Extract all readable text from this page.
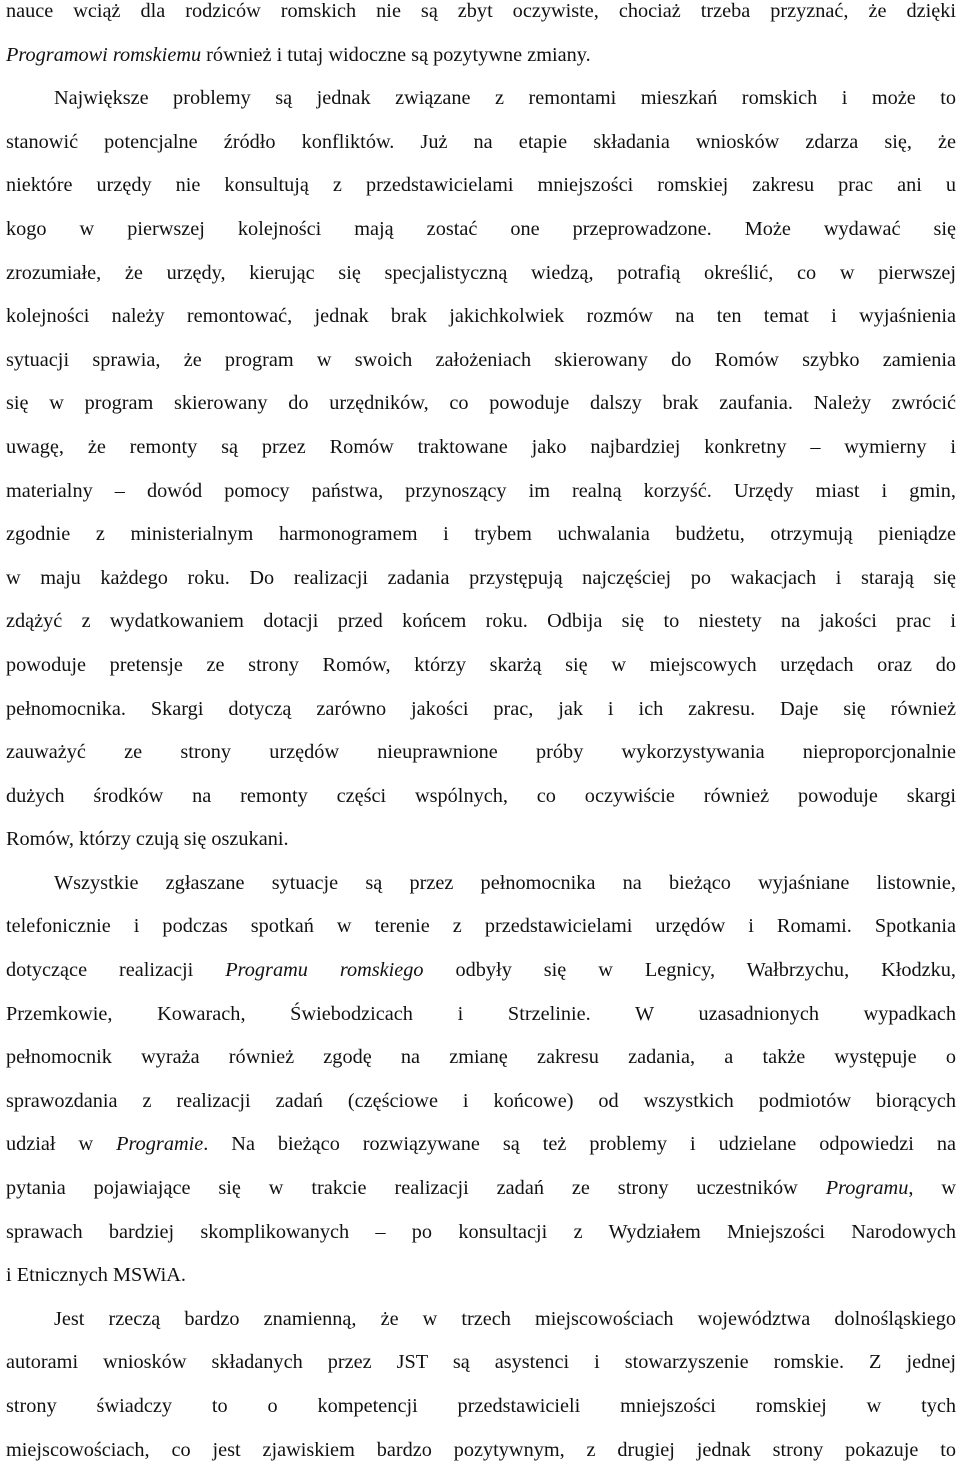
nauce wciąż dla rodziców romskich nie są zbyt oczywiste, chociaż trzeba przyznać, że dzięki
Programowi romskiemu również i tutaj widoczne są pozytywne zmiany.
Największe problemy są jednak związane z remontami mieszkań romskich i może to
stanowić potencjalne źródło konfliktów. Już na etapie składania wniosków zdarza się, że
niektóre urzędy nie konsultują z przedstawicielami mniejszości romskiej zakresu prac ani u
kogo w pierwszej kolejności mają zostać one przeprowadzone. Może wydawać się
zrozumiałe, że urzędy, kierując się specjalistyczną wiedzą, potrafią określić, co w pierwszej
kolejności należy remontować, jednak brak jakichkolwiek rozmów na ten temat i wyjaśnienia
sytuacji sprawia, że program w swoich założeniach skierowany do Romów szybko zamienia
się w program skierowany do urzędników, co powoduje dalszy brak zaufania. Należy zwrócić
uwagę, że remonty są przez Romów traktowane jako najbardziej konkretny – wymierny i
materialny – dowód pomocy państwa, przynoszący im realną korzyść. Urzędy miast i gmin,
zgodnie z ministerialnym harmonogramem i trybem uchwalania budżetu, otrzymują pieniądze
w maju każdego roku. Do realizacji zadania przystępują najczęściej po wakacjach i starają się
zdążyć z wydatkowaniem dotacji przed końcem roku. Odbija się to niestety na jakości prac i
powoduje pretensje ze strony Romów, którzy skarżą się w miejscowych urzędach oraz do
pełnomocnika. Skargi dotyczą zarówno jakości prac, jak i ich zakresu. Daje się również
zauważyć ze strony urzędów nieuprawnione próby wykorzystywania nieproporcjonalnie
dużych środków na remonty części wspólnych, co oczywiście również powoduje skargi
Romów, którzy czują się oszukani.
Wszystkie zgłaszane sytuacje są przez pełnomocnika na bieżąco wyjaśniane listownie,
telefonicznie i podczas spotkań w terenie z przedstawicielami urzędów i Romami. Spotkania
dotyczące realizacji Programu romskiego odbyły się w Legnicy, Wałbrzychu, Kłodzku,
Przemkowie, Kowarach, Świebodzicach i Strzelinie. W uzasadnionych wypadkach
pełnomocnik wyraża również zgodę na zmianę zakresu zadania, a także występuje o
sprawozdania z realizacji zadań (częściowe i końcowe) od wszystkich podmiotów biorących
udział w Programie. Na bieżąco rozwiązywane są też problemy i udzielane odpowiedzi na
pytania pojawiające się w trakcie realizacji zadań ze strony uczestników Programu, w
sprawach bardziej skomplikowanych – po konsultacji z Wydziałem Mniejszości Narodowych
i Etnicznych MSWiA.
Jest rzeczą bardzo znamienną, że w trzech miejscowościach województwa dolnośląskiego
autorami wniosków składanych przez JST są asystenci i stowarzyszenie romskie. Z jednej
strony świadczy to o kompetencji przedstawicieli mniejszości romskiej w tych
miejscowościach, co jest zjawiskiem bardzo pozytywnym, z drugiej jednak strony pokazuje to
